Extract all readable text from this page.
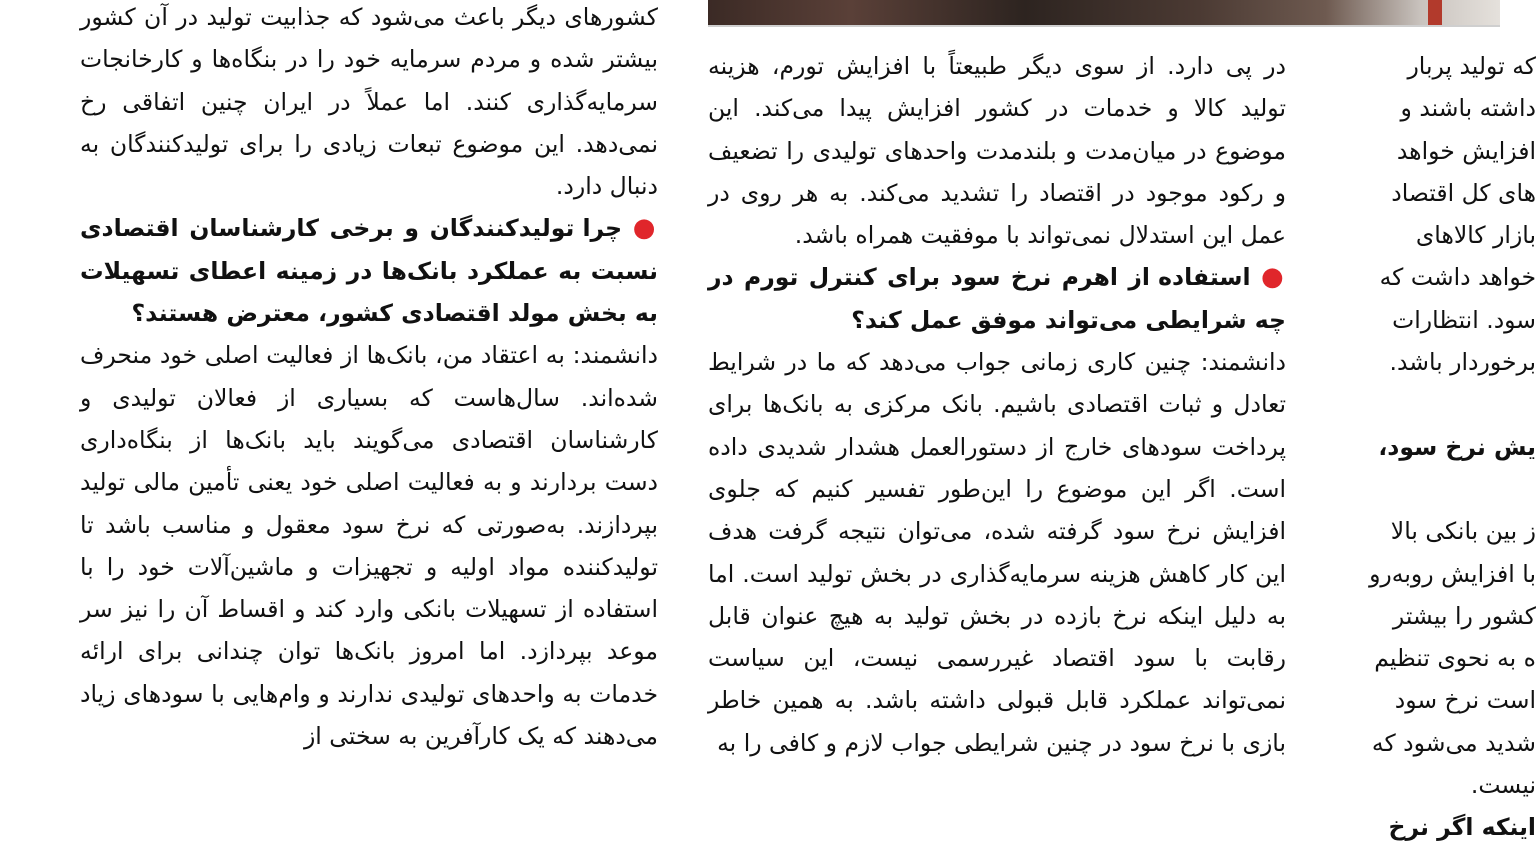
کشورهای دیگر باعث می‌شود که جذابیت تولید در آن کشور بیشتر شده و مردم سرمایه خود را در بنگاه‌ها و کارخانجات سرمایه‌گذاری کنند. اما عملاً در ایران چنین اتفاقی رخ نمی‌دهد. این موضوع تبعات زیادی را برای تولیدکنندگان به دنبال دارد.

● چرا تولیدکنندگان و برخی کارشناسان اقتصادی نسبت به عملکرد بانک‌ها در زمینه اعطای تسهیلات به بخش مولد اقتصادی کشور، معترض هستند؟

دانشمند: به اعتقاد من، بانک‌ها از فعالیت اصلی خود منحرف شده‌اند. سال‌هاست که بسیاری از فعالان تولیدی و کارشناسان اقتصادی می‌گویند باید بانک‌ها از بنگاه‌داری دست بردارند و به فعالیت اصلی خود یعنی تأمین مالی تولید بپردازند. به‌صورتی که نرخ سود معقول و مناسب باشد تا تولیدکننده مواد اولیه و تجهیزات و ماشین‌آلات خود را با استفاده از تسهیلات بانکی وارد کند و اقساط آن را نیز سر موعد بپردازد. اما امروز بانک‌ها توان چندانی برای ارائه خدمات به واحدهای تولیدی ندارند و وام‌هایی با سودهای زیاد می‌دهند که یک کارآفرین به سختی از

در پی دارد. از سوی دیگر طبیعتاً با افزایش تورم، هزینه تولید کالا و خدمات در کشور افزایش پیدا می‌کند. این موضوع در میان‌مدت و بلندمدت واحدهای تولیدی را تضعیف و رکود موجود در اقتصاد را تشدید می‌کند. به هر روی در عمل این استدلال نمی‌تواند با موفقیت همراه باشد.

● استفاده از اهرم نرخ سود برای کنترل تورم در چه شرایطی می‌تواند موفق عمل کند؟

دانشمند: چنین کاری زمانی جواب می‌دهد که ما در شرایط تعادل و ثبات اقتصادی باشیم. بانک مرکزی به بانک‌ها برای پرداخت سودهای خارج از دستورالعمل هشدار شدیدی داده است. اگر این موضوع را این‌طور تفسیر کنیم که جلوی افزایش نرخ سود گرفته شده، می‌توان نتیجه گرفت هدف این کار کاهش هزینه سرمایه‌گذاری در بخش تولید است. اما به دلیل اینکه نرخ بازده در بخش تولید به هیچ عنوان قابل رقابت با سود اقتصاد غیررسمی نیست، این سیاست نمی‌تواند عملکرد قابل قبولی داشته باشد. به همین خاطر بازی با نرخ سود در چنین شرایطی جواب لازم و کافی را به

که تولید پربار
داشته باشند و
افزایش خواهد
های کل اقتصاد
بازار کالاهای
خواهد داشت که
سود. انتظارات
برخوردار باشد.

یش نرخ سود،

ز بین بانکی بالا
با افزایش روبه‌رو
کشور را بیشتر
ه به نحوی تنظیم
است نرخ سود
شدید می‌شود که
نیست.
اینکه اگر نرخ
